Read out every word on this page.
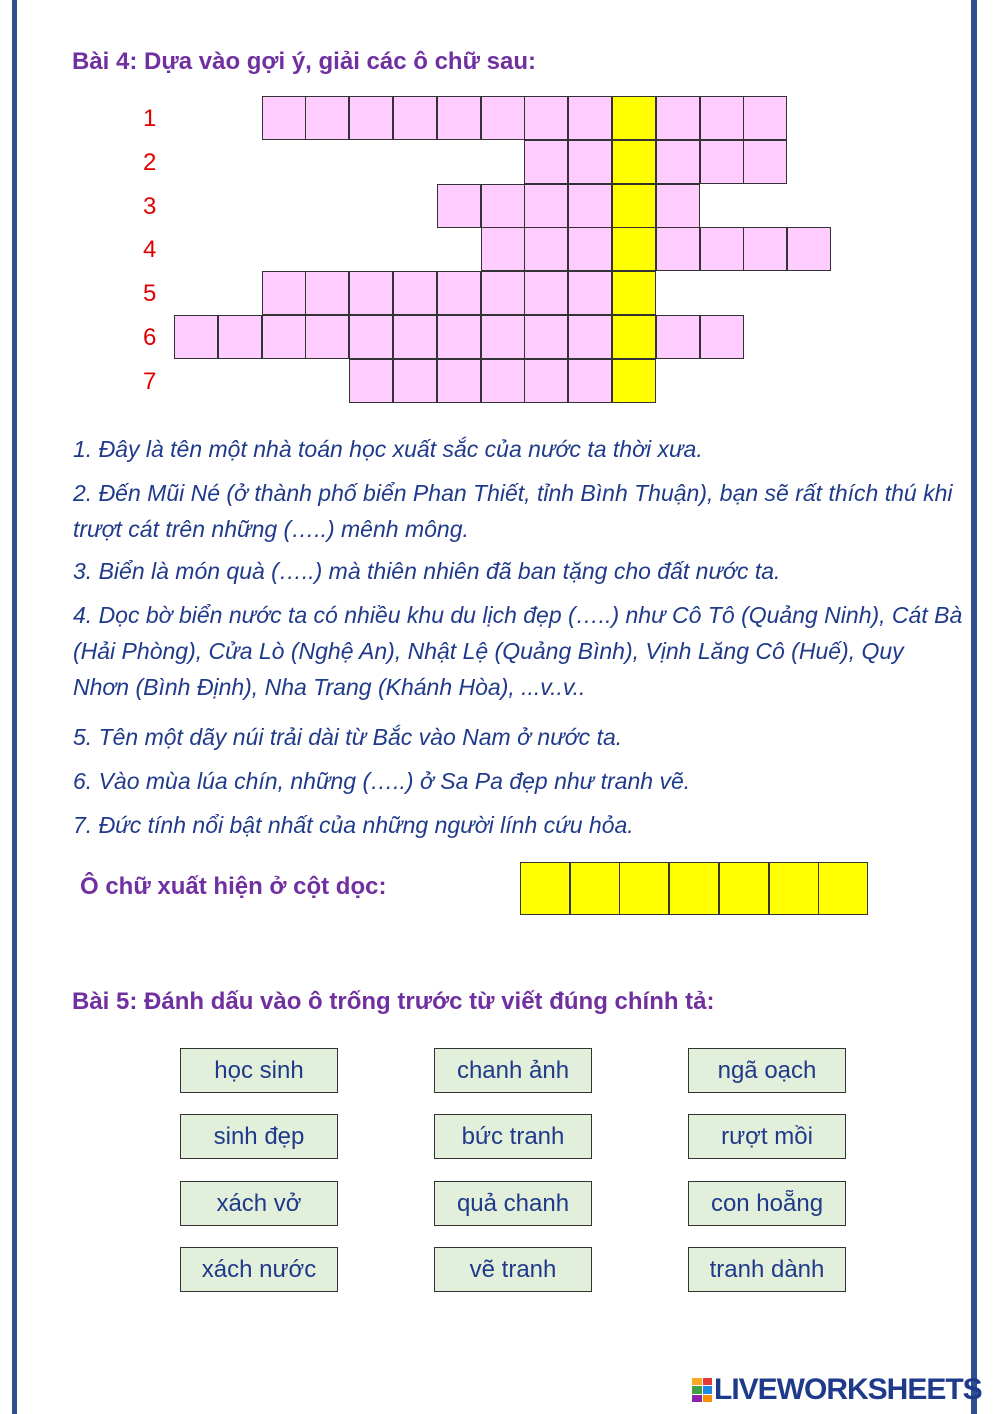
Bài 4: Dựa vào gợi ý, giải các ô chữ sau:
1
2
3
4
5
6
7

1. Đây là tên một nhà toán học xuất sắc của nước ta thời xưa.

2. Đến Mũi Né (ở thành phố biển Phan Thiết, tỉnh Bình Thuận), bạn sẽ rất thích thú khi trượt cát trên những (…..) mênh mông.

3. Biển là món quà (…..) mà thiên nhiên đã ban tặng cho đất nước ta.

4. Dọc bờ biển nước ta có nhiều khu du lịch đẹp (…..) như Cô Tô (Quảng Ninh), Cát Bà (Hải Phòng), Cửa Lò (Nghệ An), Nhật Lệ (Quảng Bình), Vịnh Lăng Cô (Huế), Quy Nhơn (Bình Định), Nha Trang (Khánh Hòa), ...v..v..

5. Tên một dãy núi trải dài từ Bắc vào Nam ở nước ta.

6. Vào mùa lúa chín, những (…..) ở Sa Pa đẹp như tranh vẽ.

7. Đức tính nổi bật nhất của những người lính cứu hỏa.

Ô chữ xuất hiện ở cột dọc:
Bài 5: Đánh dấu vào ô trống trước từ viết đúng chính tả:
học sinh	chanh ảnh	ngã oạch
sinh đẹp	bức tranh	rượt mồi
xách vở	quả chanh	con hoẵng
xách nước	vẽ tranh	tranh dành
LIVEWORKSHEETS
